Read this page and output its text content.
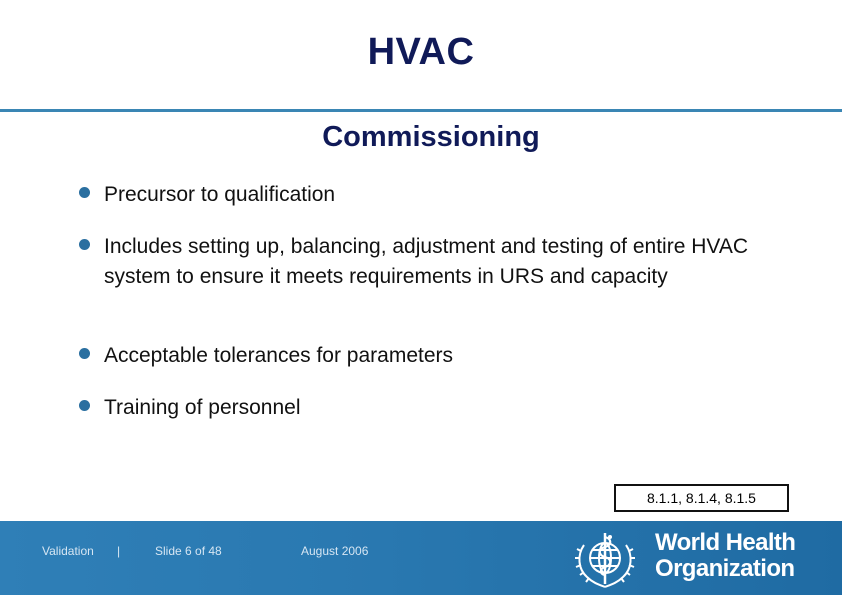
HVAC
Commissioning
Precursor to qualification
Includes setting up, balancing, adjustment and testing of entire HVAC system to ensure it meets requirements in URS and capacity
Acceptable tolerances for parameters
Training of personnel
8.1.1, 8.1.4, 8.1.5
Validation |	Slide 6 of 48	August 2006	World Health
Organization
